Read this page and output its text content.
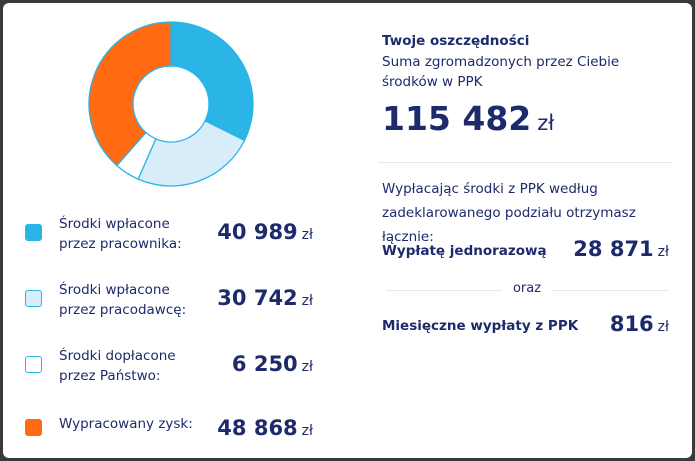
Środki wpłacone
przez pracownika:	40 989 zł
Środki wpłacone
przez pracodawcę:	30 742 zł
Środki dopłacone
przez Państwo:	6 250 zł
Wypracowany zysk:	48 868 zł
Twoje oszczędności
Suma zgromadzonych przez Ciebie środków w PPK
115 482 zł
Wypłacając środki z PPK według zadeklarowanego podziału otrzymasz łącznie:
Wypłatę jednorazową 28 871 zł
oraz
Miesięczne wypłaty z PPK 816 zł
